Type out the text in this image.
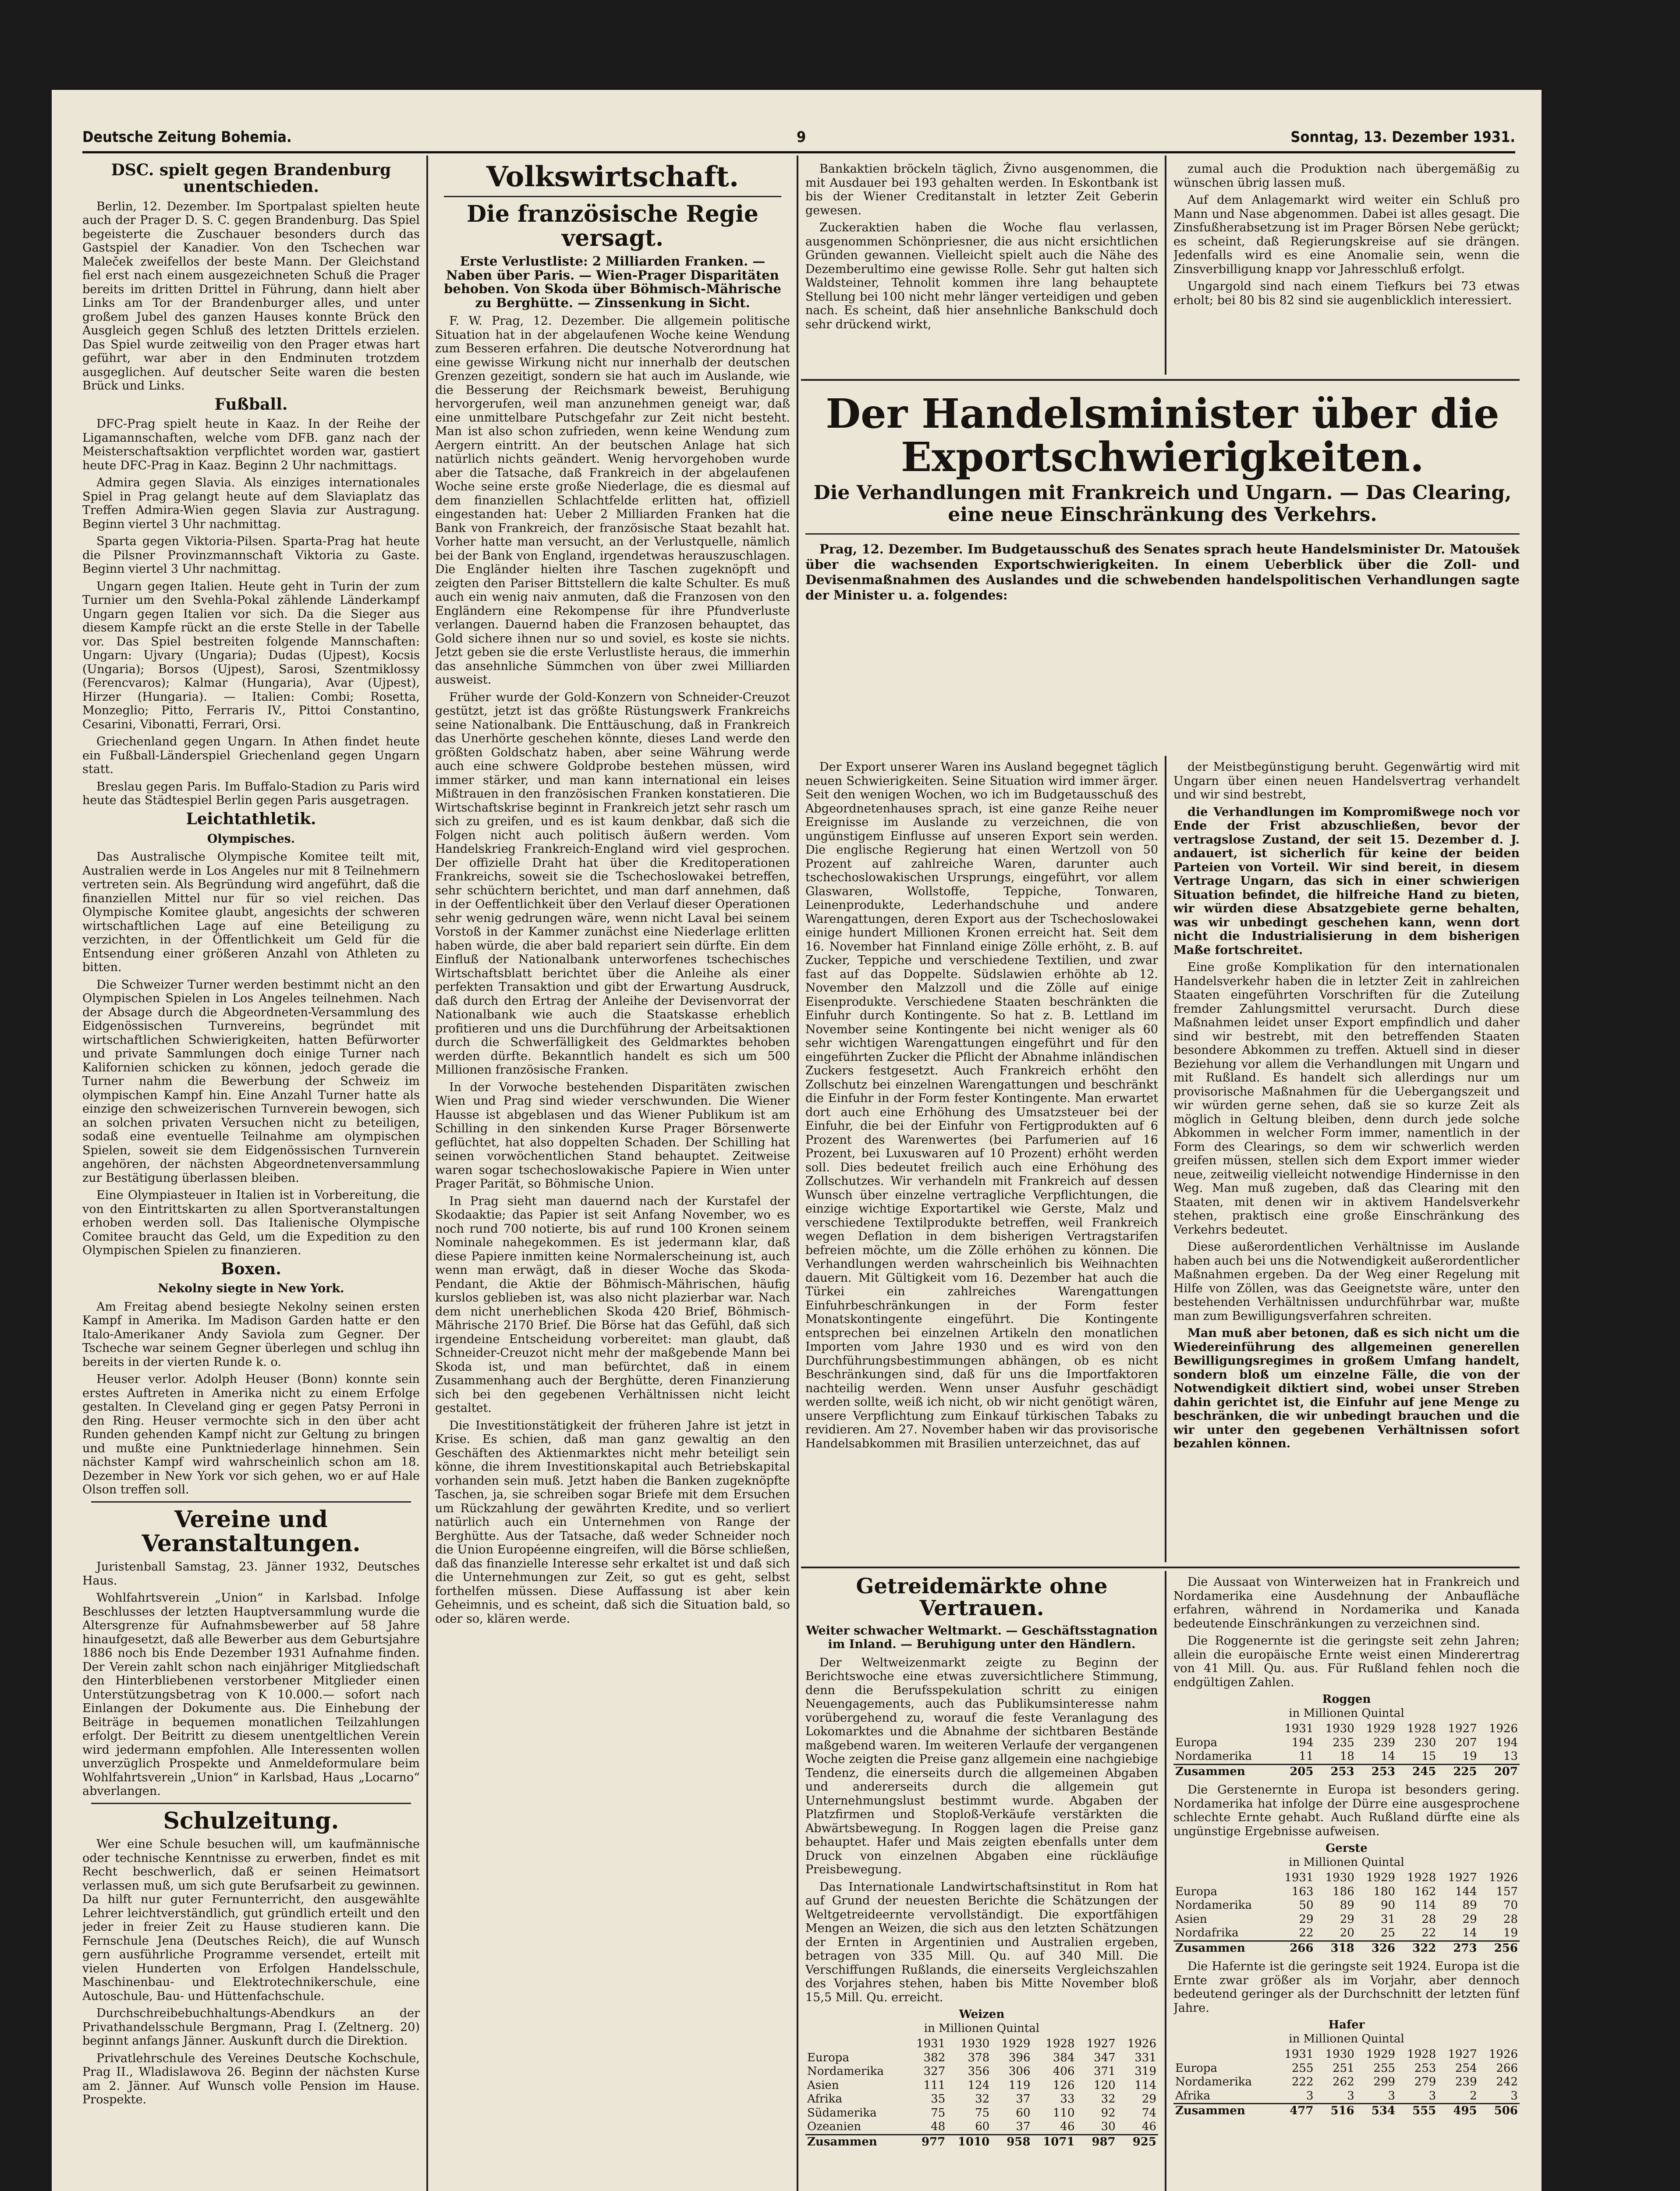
Deutsche Zeitung Bohemia.	9	Sonntag, 13. Dezember 1931.
DSC. spielt gegen Brandenburg unentschieden.

Berlin, 12. Dezember. Im Sportpalast spielten heute auch der Prager D. S. C. gegen Brandenburg. Das Spiel begeisterte die Zuschauer besonders durch das Gastspiel der Kanadier. Von den Tschechen war Maleček zweifellos der beste Mann. Der Gleichstand fiel erst nach einem ausgezeichneten Schuß die Prager bereits im dritten Drittel in Führung, dann hielt aber Links am Tor der Brandenburger alles, und unter großem Jubel des ganzen Hauses konnte Brück den Ausgleich gegen Schluß des letzten Drittels erzielen. Das Spiel wurde zeitweilig von den Prager etwas hart geführt, war aber in den Endminuten trotzdem ausgeglichen. Auf deutscher Seite waren die besten Brück und Links.

Fußball.

DFC-Prag spielt heute in Kaaz. In der Reihe der Ligamannschaften, welche vom DFB. ganz nach der Meisterschaftsaktion verpflichtet worden war, gastiert heute DFC-Prag in Kaaz. Beginn 2 Uhr nachmittags.

Admira gegen Slavia. Als einziges internationales Spiel in Prag gelangt heute auf dem Slaviaplatz das Treffen Admira-Wien gegen Slavia zur Austragung. Beginn viertel 3 Uhr nachmittag.

Sparta gegen Viktoria-Pilsen. Sparta-Prag hat heute die Pilsner Provinzmannschaft Viktoria zu Gaste. Beginn viertel 3 Uhr nachmittag.

Ungarn gegen Italien. Heute geht in Turin der zum Turnier um den Svehla-Pokal zählende Länderkampf Ungarn gegen Italien vor sich. Da die Sieger aus diesem Kampfe rückt an die erste Stelle in der Tabelle vor. Das Spiel bestreiten folgende Mannschaften: Ungarn: Ujvary (Ungaria); Dudas (Ujpest), Kocsis (Ungaria); Borsos (Ujpest), Sarosi, Szentmiklossy (Ferencvaros); Kalmar (Hungaria), Avar (Ujpest), Hirzer (Hungaria). — Italien: Combi; Rosetta, Monzeglio; Pitto, Ferraris IV., Pittoi Constantino, Cesarini, Vibonatti, Ferrari, Orsi.

Griechenland gegen Ungarn. In Athen findet heute ein Fußball-Länderspiel Griechenland gegen Ungarn statt.

Breslau gegen Paris. Im Buffalo-Stadion zu Paris wird heute das Städtespiel Berlin gegen Paris ausgetragen.

Leichtathletik.
Olympisches.

Das Australische Olympische Komitee teilt mit, Australien werde in Los Angeles nur mit 8 Teilnehmern vertreten sein. Als Begründung wird angeführt, daß die finanziellen Mittel nur für so viel reichen. Das Olympische Komitee glaubt, angesichts der schweren wirtschaftlichen Lage auf eine Beteiligung zu verzichten, in der Öffentlichkeit um Geld für die Entsendung einer größeren Anzahl von Athleten zu bitten.

Die Schweizer Turner werden bestimmt nicht an den Olympischen Spielen in Los Angeles teilnehmen. Nach der Absage durch die Abgeordneten-Versammlung des Eidgenössischen Turnvereins, begründet mit wirtschaftlichen Schwierigkeiten, hatten Befürworter und private Sammlungen doch einige Turner nach Kalifornien schicken zu können, jedoch gerade die Turner nahm die Bewerbung der Schweiz im olympischen Kampf hin. Eine Anzahl Turner hatte als einzige den schweizerischen Turnverein bewogen, sich an solchen privaten Versuchen nicht zu beteiligen, sodaß eine eventuelle Teilnahme am olympischen Spielen, soweit sie dem Eidgenössischen Turnverein angehören, der nächsten Abgeordnetenversammlung zur Bestätigung überlassen bleiben.

Eine Olympiasteuer in Italien ist in Vorbereitung, die von den Eintrittskarten zu allen Sportveranstaltungen erhoben werden soll. Das Italienische Olympische Comitee braucht das Geld, um die Expedition zu den Olympischen Spielen zu finanzieren.

Boxen.
Nekolny siegte in New York.

Am Freitag abend besiegte Nekolny seinen ersten Kampf in Amerika. Im Madison Garden hatte er den Italo-Amerikaner Andy Saviola zum Gegner. Der Tscheche war seinem Gegner überlegen und schlug ihn bereits in der vierten Runde k. o.

Heuser verlor. Adolph Heuser (Bonn) konnte sein erstes Auftreten in Amerika nicht zu einem Erfolge gestalten. In Cleveland ging er gegen Patsy Perroni in den Ring. Heuser vermochte sich in den über acht Runden gehenden Kampf nicht zur Geltung zu bringen und mußte eine Punktniederlage hinnehmen. Sein nächster Kampf wird wahrscheinlich schon am 18. Dezember in New York vor sich gehen, wo er auf Hale Olson treffen soll.

Vereine und Veranstaltungen.

Juristenball Samstag, 23. Jänner 1932, Deutsches Haus.

Wohlfahrtsverein „Union“ in Karlsbad. Infolge Beschlusses der letzten Hauptversammlung wurde die Altersgrenze für Aufnahmsbewerber auf 58 Jahre hinaufgesetzt, daß alle Bewerber aus dem Geburtsjahre 1886 noch bis Ende Dezember 1931 Aufnahme finden. Der Verein zahlt schon nach einjähriger Mitgliedschaft den Hinterbliebenen verstorbener Mitglieder einen Unterstützungsbetrag von K 10.000.— sofort nach Einlangen der Dokumente aus. Die Einhebung der Beiträge in bequemen monatlichen Teilzahlungen erfolgt. Der Beitritt zu diesem unentgeltlichen Verein wird jedermann empfohlen. Alle Interessenten wollen unverzüglich Prospekte und Anmeldeformulare beim Wohlfahrtsverein „Union“ in Karlsbad, Haus „Locarno“ abverlangen.

Schulzeitung.

Wer eine Schule besuchen will, um kaufmännische oder technische Kenntnisse zu erwerben, findet es mit Recht beschwerlich, daß er seinen Heimatsort verlassen muß, um sich gute Berufsarbeit zu gewinnen. Da hilft nur guter Fernunterricht, den ausgewählte Lehrer leichtverständlich, gut gründlich erteilt und den jeder in freier Zeit zu Hause studieren kann. Die Fernschule Jena (Deutsches Reich), die auf Wunsch gern ausführliche Programme versendet, erteilt mit vielen Hunderten von Erfolgen Handelsschule, Maschinenbau- und Elektrotechnikerschule, eine Autoschule, Bau- und Hüttenfachschule.

Durchschreibebuchhaltungs-Abendkurs an der Privathandelsschule Bergmann, Prag I. (Zeltnerg. 20) beginnt anfangs Jänner. Auskunft durch die Direktion.

Privatlehrschule des Vereines Deutsche Kochschule, Prag II., Wladislawova 26. Beginn der nächsten Kurse am 2. Jänner. Auf Wunsch volle Pension im Hause. Prospekte.

Volkswirtschaft.
Die französische Regie versagt.
Erste Verlustliste: 2 Milliarden Franken. — Naben über Paris. — Wien-Prager Disparitäten behoben. Von Skoda über Böhmisch-Mährische zu Berghütte. — Zinssenkung in Sicht.

F. W. Prag, 12. Dezember. Die allgemein politische Situation hat in der abgelaufenen Woche keine Wendung zum Besseren erfahren. Die deutsche Notverordnung hat eine gewisse Wirkung nicht nur innerhalb der deutschen Grenzen gezeitigt, sondern sie hat auch im Auslande, wie die Besserung der Reichsmark beweist, Beruhigung hervorgerufen, weil man anzunehmen geneigt war, daß eine unmittelbare Putschgefahr zur Zeit nicht besteht. Man ist also schon zufrieden, wenn keine Wendung zum Aergern eintritt. An der beutschen Anlage hat sich natürlich nichts geändert. Wenig hervorgehoben wurde aber die Tatsache, daß Frankreich in der abgelaufenen Woche seine erste große Niederlage, die es diesmal auf dem finanziellen Schlachtfelde erlitten hat, offiziell eingestanden hat: Ueber 2 Milliarden Franken hat die Bank von Frankreich, der französische Staat bezahlt hat. Vorher hatte man versucht, an der Verlustquelle, nämlich bei der Bank von England, irgendetwas herauszuschlagen. Die Engländer hielten ihre Taschen zugeknöpft und zeigten den Pariser Bittstellern die kalte Schulter. Es muß auch ein wenig naiv anmuten, daß die Franzosen von den Engländern eine Rekompense für ihre Pfundverluste verlangen. Dauernd haben die Franzosen behauptet, das Gold sichere ihnen nur so und soviel, es koste sie nichts. Jetzt geben sie die erste Verlustliste heraus, die immerhin das ansehnliche Sümmchen von über zwei Milliarden ausweist.

Früher wurde der Gold-Konzern von Schneider-Creuzot gestützt, jetzt ist das größte Rüstungswerk Frankreichs seine Nationalbank. Die Enttäuschung, daß in Frankreich das Unerhörte geschehen könnte, dieses Land werde den größten Goldschatz haben, aber seine Währung werde auch eine schwere Goldprobe bestehen müssen, wird immer stärker, und man kann international ein leises Mißtrauen in den französischen Franken konstatieren. Die Wirtschaftskrise beginnt in Frankreich jetzt sehr rasch um sich zu greifen, und es ist kaum denkbar, daß sich die Folgen nicht auch politisch äußern werden. Vom Handelskrieg Frankreich-England wird viel gesprochen. Der offizielle Draht hat über die Kreditoperationen Frankreichs, soweit sie die Tschechoslowakei betreffen, sehr schüchtern berichtet, und man darf annehmen, daß in der Oeffentlichkeit über den Verlauf dieser Operationen sehr wenig gedrungen wäre, wenn nicht Laval bei seinem Vorstoß in der Kammer zunächst eine Niederlage erlitten haben würde, die aber bald repariert sein dürfte. Ein dem Einfluß der Nationalbank unterworfenes tschechisches Wirtschaftsblatt berichtet über die Anleihe als einer perfekten Transaktion und gibt der Erwartung Ausdruck, daß durch den Ertrag der Anleihe der Devisenvorrat der Nationalbank wie auch die Staatskasse erheblich profitieren und uns die Durchführung der Arbeitsaktionen durch die Schwerfälligkeit des Geldmarktes behoben werden dürfte. Bekanntlich handelt es sich um 500 Millionen französische Franken.

In der Vorwoche bestehenden Disparitäten zwischen Wien und Prag sind wieder verschwunden. Die Wiener Hausse ist abgeblasen und das Wiener Publikum ist am Schilling in den sinkenden Kurse Prager Börsenwerte geflüchtet, hat also doppelten Schaden. Der Schilling hat seinen vorwöchentlichen Stand behauptet. Zeitweise waren sogar tschechoslowakische Papiere in Wien unter Prager Parität, so Böhmische Union.

In Prag sieht man dauernd nach der Kurstafel der Skodaaktie; das Papier ist seit Anfang November, wo es noch rund 700 notierte, bis auf rund 100 Kronen seinem Nominale nahegekommen. Es ist jedermann klar, daß diese Papiere inmitten keine Normalerscheinung ist, auch wenn man erwägt, daß in dieser Woche das Skoda-Pendant, die Aktie der Böhmisch-Mährischen, häufig kurslos geblieben ist, was also nicht plazierbar war. Nach dem nicht unerheblichen Skoda 420 Brief, Böhmisch-Mährische 2170 Brief. Die Börse hat das Gefühl, daß sich irgendeine Entscheidung vorbereitet: man glaubt, daß Schneider-Creuzot nicht mehr der maßgebende Mann bei Skoda ist, und man befürchtet, daß in einem Zusammenhang auch der Berghütte, deren Finanzierung sich bei den gegebenen Verhältnissen nicht leicht gestaltet.

Die Investitionstätigkeit der früheren Jahre ist jetzt in Krise. Es schien, daß man ganz gewaltig an den Geschäften des Aktienmarktes nicht mehr beteiligt sein könne, die ihrem Investitionskapital auch Betriebskapital vorhanden sein muß. Jetzt haben die Banken zugeknöpfte Taschen, ja, sie schreiben sogar Briefe mit dem Ersuchen um Rückzahlung der gewährten Kredite, und so verliert natürlich auch ein Unternehmen von Range der Berghütte. Aus der Tatsache, daß weder Schneider noch die Union Européenne eingreifen, will die Börse schließen, daß das finanzielle Interesse sehr erkaltet ist und daß sich die Unternehmungen zur Zeit, so gut es geht, selbst forthelfen müssen. Diese Auffassung ist aber kein Geheimnis, und es scheint, daß sich die Situation bald, so oder so, klären werde.

Bankaktien bröckeln täglich, Živno ausgenommen, die mit Ausdauer bei 193 gehalten werden. In Eskontbank ist bis der Wiener Creditanstalt in letzter Zeit Geberin gewesen.

Zuckeraktien haben die Woche flau verlassen, ausgenommen Schönpriesner, die aus nicht ersichtlichen Gründen gewannen. Vielleicht spielt auch die Nähe des Dezemberultimo eine gewisse Rolle. Sehr gut halten sich Waldsteiner, Tehnolit kommen ihre lang behauptete Stellung bei 100 nicht mehr länger verteidigen und geben nach. Es scheint, daß hier ansehnliche Bankschuld doch sehr drückend wirkt,

zumal auch die Produktion nach übergemäßig zu wünschen übrig lassen muß.

Auf dem Anlagemarkt wird weiter ein Schluß pro Mann und Nase abgenommen. Dabei ist alles gesagt. Die Zinsfußherabsetzung ist im Prager Börsen Nebe gerückt; es scheint, daß Regierungskreise auf sie drängen. Jedenfalls wird es eine Anomalie sein, wenn die Zinsverbilligung knapp vor Jahresschluß erfolgt.

Ungargold sind nach einem Tiefkurs bei 73 etwas erholt; bei 80 bis 82 sind sie augenblicklich interessiert.

Der Handelsminister über die Exportschwierigkeiten.
Die Verhandlungen mit Frankreich und Ungarn. — Das Clearing, eine neue Einschränkung des Verkehrs.

Prag, 12. Dezember. Im Budgetausschuß des Senates sprach heute Handelsminister Dr. Matoušek über die wachsenden Exportschwierigkeiten. In einem Ueberblick über die Zoll- und Devisenmaßnahmen des Auslandes und die schwebenden handelspolitischen Verhandlungen sagte der Minister u. a. folgendes:

Der Export unserer Waren ins Ausland begegnet täglich neuen Schwierigkeiten. Seine Situation wird immer ärger. Seit den wenigen Wochen, wo ich im Budgetausschuß des Abgeordnetenhauses sprach, ist eine ganze Reihe neuer Ereignisse im Auslande zu verzeichnen, die von ungünstigem Einflusse auf unseren Export sein werden. Die englische Regierung hat einen Wertzoll von 50 Prozent auf zahlreiche Waren, darunter auch tschechoslowakischen Ursprungs, eingeführt, vor allem Glaswaren, Wollstoffe, Teppiche, Tonwaren, Leinenprodukte, Lederhandschuhe und andere Warengattungen, deren Export aus der Tschechoslowakei einige hundert Millionen Kronen erreicht hat. Seit dem 16. November hat Finnland einige Zölle erhöht, z. B. auf Zucker, Teppiche und verschiedene Textilien, und zwar fast auf das Doppelte. Südslawien erhöhte ab 12. November den Malzzoll und die Zölle auf einige Eisenprodukte. Verschiedene Staaten beschränkten die Einfuhr durch Kontingente. So hat z. B. Lettland im November seine Kontingente bei nicht weniger als 60 sehr wichtigen Warengattungen eingeführt und für den eingeführten Zucker die Pflicht der Abnahme inländischen Zuckers festgesetzt. Auch Frankreich erhöht den Zollschutz bei einzelnen Warengattungen und beschränkt die Einfuhr in der Form fester Kontingente. Man erwartet dort auch eine Erhöhung des Umsatzsteuer bei der Einfuhr, die bei der Einfuhr von Fertigprodukten auf 6 Prozent des Warenwertes (bei Parfumerien auf 16 Prozent, bei Luxuswaren auf 10 Prozent) erhöht werden soll. Dies bedeutet freilich auch eine Erhöhung des Zollschutzes. Wir verhandeln mit Frankreich auf dessen Wunsch über einzelne vertragliche Verpflichtungen, die einzige wichtige Exportartikel wie Gerste, Malz und verschiedene Textilprodukte betreffen, weil Frankreich wegen Deflation in dem bisherigen Vertragstarifen befreien möchte, um die Zölle erhöhen zu können. Die Verhandlungen werden wahrscheinlich bis Weihnachten dauern. Mit Gültigkeit vom 16. Dezember hat auch die Türkei ein zahlreiches Warengattungen Einfuhrbeschränkungen in der Form fester Monatskontingente eingeführt. Die Kontingente entsprechen bei einzelnen Artikeln den monatlichen Importen vom Jahre 1930 und es wird von den Durchführungsbestimmungen abhängen, ob es nicht Beschränkungen sind, daß für uns die Importfaktoren nachteilig werden. Wenn unser Ausfuhr geschädigt werden sollte, weiß ich nicht, ob wir nicht genötigt wären, unsere Verpflichtung zum Einkauf türkischen Tabaks zu revidieren. Am 27. November haben wir das provisorische Handelsabkommen mit Brasilien unterzeichnet, das auf

der Meistbegünstigung beruht. Gegenwärtig wird mit Ungarn über einen neuen Handelsvertrag verhandelt und wir sind bestrebt,

die Verhandlungen im Kompromißwege noch vor Ende der Frist abzuschließen, bevor der vertragslose Zustand, der seit 15. Dezember d. J. andauert, ist sicherlich für keine der beiden Parteien von Vorteil. Wir sind bereit, in diesem Vertrage Ungarn, das sich in einer schwierigen Situation befindet, die hilfreiche Hand zu bieten, wir würden diese Absatzgebiete gerne behalten, was wir unbedingt geschehen kann, wenn dort nicht die Industrialisierung in dem bisherigen Maße fortschreitet.

Eine große Komplikation für den internationalen Handelsverkehr haben die in letzter Zeit in zahlreichen Staaten eingeführten Vorschriften für die Zuteilung fremder Zahlungsmittel verursacht. Durch diese Maßnahmen leidet unser Export empfindlich und daher sind wir bestrebt, mit den betreffenden Staaten besondere Abkommen zu treffen. Aktuell sind in dieser Beziehung vor allem die Verhandlungen mit Ungarn und mit Rußland. Es handelt sich allerdings nur um provisorische Maßnahmen für die Uebergangszeit und wir würden gerne sehen, daß sie so kurze Zeit als möglich in Geltung bleiben, denn durch jede solche Abkommen in welcher Form immer, namentlich in der Form des Clearings, so dem wir schwerlich werden greifen müssen, stellen sich dem Export immer wieder neue, zeitweilig vielleicht notwendige Hindernisse in den Weg. Man muß zugeben, daß das Clearing mit den Staaten, mit denen wir in aktivem Handelsverkehr stehen, praktisch eine große Einschränkung des Verkehrs bedeutet.

Diese außerordentlichen Verhältnisse im Auslande haben auch bei uns die Notwendigkeit außerordentlicher Maßnahmen ergeben. Da der Weg einer Regelung mit Hilfe von Zöllen, was das Geeignetste wäre, unter den bestehenden Verhältnissen undurchführbar war, mußte man zum Bewilligungsverfahren schreiten.

Man muß aber betonen, daß es sich nicht um die Wiedereinführung des allgemeinen generellen Bewilligungsregimes in großem Umfang handelt, sondern bloß um einzelne Fälle, die von der Notwendigkeit diktiert sind, wobei unser Streben dahin gerichtet ist, die Einfuhr auf jene Menge zu beschränken, die wir unbedingt brauchen und die wir unter den gegebenen Verhältnissen sofort bezahlen können.

Getreidemärkte ohne Vertrauen.
Weiter schwacher Weltmarkt. — Geschäftsstagnation im Inland. — Beruhigung unter den Händlern.

Der Weltweizenmarkt zeigte zu Beginn der Berichtswoche eine etwas zuversichtlichere Stimmung, denn die Berufsspekulation schritt zu einigen Neuengagements, auch das Publikumsinteresse nahm vorübergehend zu, worauf die feste Veranlagung des Lokomarktes und die Abnahme der sichtbaren Bestände maßgebend waren. Im weiteren Verlaufe der vergangenen Woche zeigten die Preise ganz allgemein eine nachgiebige Tendenz, die einerseits durch die allgemeinen Abgaben und andererseits durch die allgemein gut Unternehmungslust bestimmt wurde. Abgaben der Platzfirmen und Stoploß-Verkäufe verstärkten die Abwärtsbewegung. In Roggen lagen die Preise ganz behauptet. Hafer und Mais zeigten ebenfalls unter dem Druck von einzelnen Abgaben eine rückläufige Preisbewegung.

Das Internationale Landwirtschaftsinstitut in Rom hat auf Grund der neuesten Berichte die Schätzungen der Weltgetreideernte vervollständigt. Die exportfähigen Mengen an Weizen, die sich aus den letzten Schätzungen der Ernten in Argentinien und Australien ergeben, betragen von 335 Mill. Qu. auf 340 Mill. Die Verschiffungen Rußlands, die einerseits Vergleichszahlen des Vorjahres stehen, haben bis Mitte November bloß 15,5 Mill. Qu. erreicht.

Weizen
in Millionen Quintal
	1931	1930	1929	1928	1927	1926
Europa	382	378	396	384	347	331
Nordamerika	327	356	306	406	371	319
Asien	111	124	119	126	120	114
Afrika	35	32	37	33	32	29
Südamerika	75	75	60	110	92	74
Ozeanien	48	60	37	46	30	46
Zusammen	977	1010	958	1071	987	925

Die Aussaat von Winterweizen hat in Frankreich und Nordamerika eine Ausdehnung der Anbaufläche erfahren, während in Nordamerika und Kanada bedeutende Einschränkungen zu verzeichnen sind.

Die Roggenernte ist die geringste seit zehn Jahren; allein die europäische Ernte weist einen Minderertrag von 41 Mill. Qu. aus. Für Rußland fehlen noch die endgültigen Zahlen.

Roggen
in Millionen Quintal
	1931	1930	1929	1928	1927	1926
Europa	194	235	239	230	207	194
Nordamerika	11	18	14	15	19	13
Zusammen	205	253	253	245	225	207

Die Gerstenernte in Europa ist besonders gering. Nordamerika hat infolge der Dürre eine ausgesprochene schlechte Ernte gehabt. Auch Rußland dürfte eine als ungünstige Ergebnisse aufweisen.

Gerste
in Millionen Quintal
	1931	1930	1929	1928	1927	1926
Europa	163	186	180	162	144	157
Nordamerika	50	89	90	114	89	70
Asien	29	29	31	28	29	28
Nordafrika	22	20	25	22	14	19
Zusammen	266	318	326	322	273	256

Die Hafernte ist die geringste seit 1924. Europa ist die Ernte zwar größer als im Vorjahr, aber dennoch bedeutend geringer als der Durchschnitt der letzten fünf Jahre.

Hafer
in Millionen Quintal
	1931	1930	1929	1928	1927	1926
Europa	255	251	255	253	254	266
Nordamerika	222	262	299	279	239	242
Afrika	3	3	3	3	2	3
Zusammen	477	516	534	555	495	506
